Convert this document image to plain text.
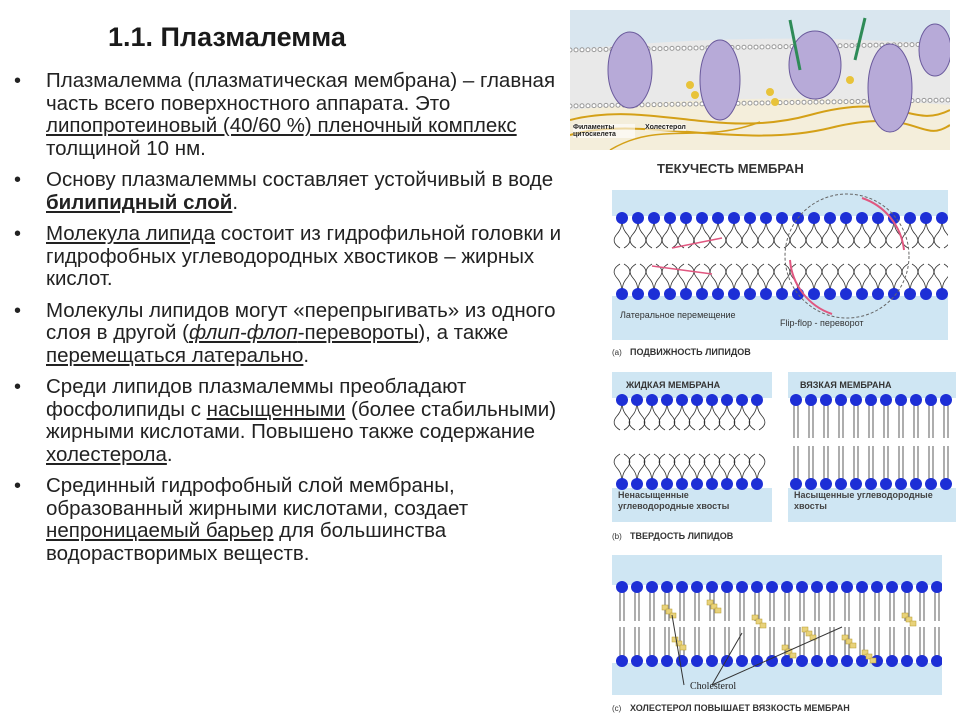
1.1. Плазмалемма
• Плазмалемма (плазматическая мембрана) – главная часть всего поверхностного аппарата. Это липопротеиновый (40/60 %) пленочный комплекс толщиной 10 нм.
• Основу плазмалеммы составляет устойчивый в воде билипидный слой.
• Молекула липида состоит из гидрофильной головки и гидрофобных углеводородных хвостиков – жирных кислот.
• Молекулы липидов могут «перепрыгивать» из одного слоя в другой (флип-флоп-перевороты), а также перемещаться латерально.
• Среди липидов плазмалеммы преобладают фосфолипиды с насыщенными (более стабильными) жирными кислотами. Повышено также содержание холестерола.
• Срединный гидрофобный слой мембраны, образованный жирными кислотами, создает непроницаемый барьер для большинства водорастворимых веществ.
Филаменты цитоскелета
Холестерол
ТЕКУЧЕСТЬ МЕМБРАН
Латеральное перемещение
Flip-flop - переворот
(a) ПОДВИЖНОСТЬ ЛИПИДОВ
ЖИДКАЯ МЕМБРАНА	ВЯЗКАЯ МЕМБРАНА
Ненасыщенные углеводородные хвосты
Насыщенные углеводородные хвосты
(b) ТВЕРДОСТЬ ЛИПИДОВ
Cholesterol
(c) ХОЛЕСТЕРОЛ ПОВЫШАЕТ ВЯЗКОСТЬ МЕМБРАН
